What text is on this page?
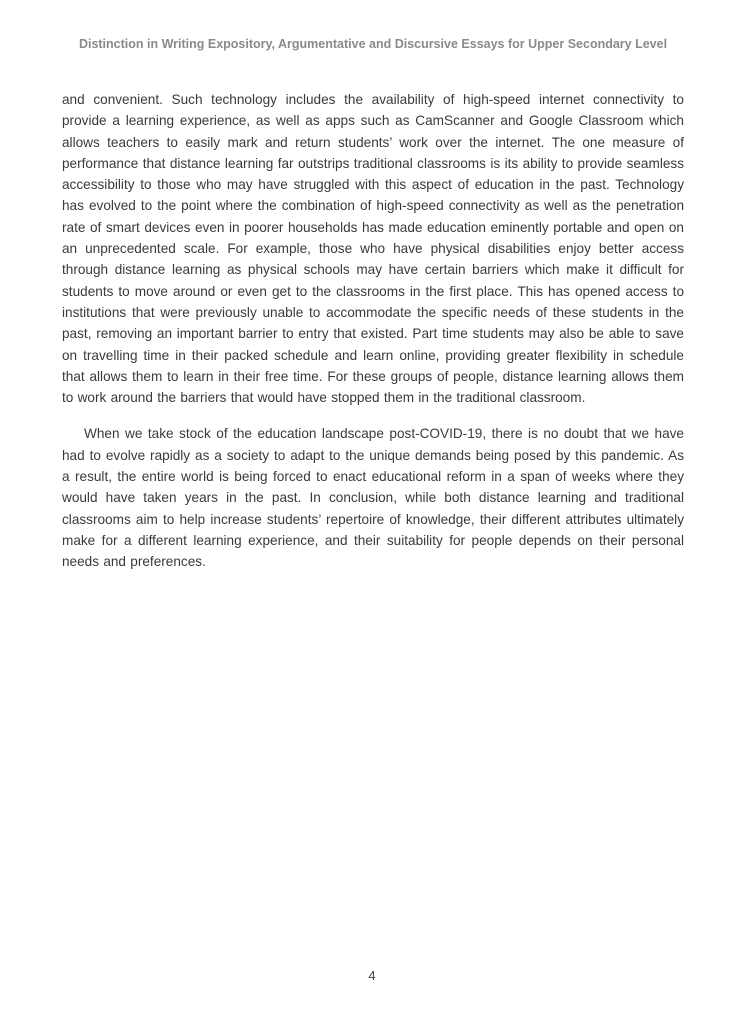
Distinction in Writing Expository, Argumentative and Discursive Essays for Upper Secondary Level

and convenient. Such technology includes the availability of high-speed internet connectivity to provide a learning experience, as well as apps such as CamScanner and Google Classroom which allows teachers to easily mark and return students’ work over the internet. The one measure of performance that distance learning far outstrips traditional classrooms is its ability to provide seamless accessibility to those who may have struggled with this aspect of education in the past. Technology has evolved to the point where the combination of high-speed connectivity as well as the penetration rate of smart devices even in poorer households has made education eminently portable and open on an unprecedented scale. For example, those who have physical disabilities enjoy better access through distance learning as physical schools may have certain barriers which make it difficult for students to move around or even get to the classrooms in the first place. This has opened access to institutions that were previously unable to accommodate the specific needs of these students in the past, removing an important barrier to entry that existed. Part time students may also be able to save on travelling time in their packed schedule and learn online, providing greater flexibility in schedule that allows them to learn in their free time. For these groups of people, distance learning allows them to work around the barriers that would have stopped them in the traditional classroom.

When we take stock of the education landscape post-COVID-19, there is no doubt that we have had to evolve rapidly as a society to adapt to the unique demands being posed by this pandemic. As a result, the entire world is being forced to enact educational reform in a span of weeks where they would have taken years in the past. In conclusion, while both distance learning and traditional classrooms aim to help increase students’ repertoire of knowledge, their different attributes ultimately make for a different learning experience, and their suitability for people depends on their personal needs and preferences.

4
